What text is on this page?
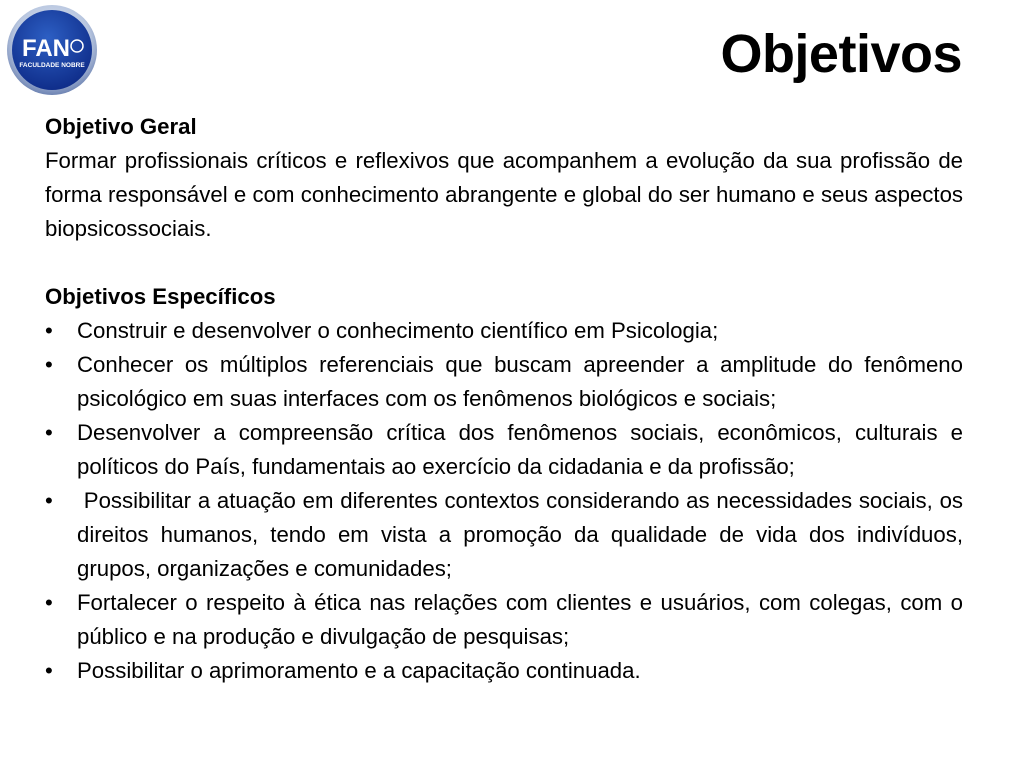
FAN
FACULDADE NOBRE	Objetivos

Objetivo Geral

Formar profissionais críticos e reflexivos que acompanhem a evolução da sua profissão de forma responsável e com conhecimento abrangente e global do ser humano e seus aspectos biopsicossociais.

Objetivos Específicos

• Construir e desenvolver o conhecimento científico em Psicologia;
• Conhecer os múltiplos referenciais que buscam apreender a amplitude do fenômeno psicológico em suas interfaces com os fenômenos biológicos e sociais;
• Desenvolver a compreensão crítica dos fenômenos sociais, econômicos, culturais e políticos do País, fundamentais ao exercício da cidadania e da profissão;
• Possibilitar a atuação em diferentes contextos considerando as necessidades sociais, os direitos humanos, tendo em vista a promoção da qualidade de vida dos indivíduos, grupos, organizações e comunidades;
• Fortalecer o respeito à ética nas relações com clientes e usuários, com colegas, com o público e na produção e divulgação de pesquisas;
• Possibilitar o aprimoramento e a capacitação continuada.
